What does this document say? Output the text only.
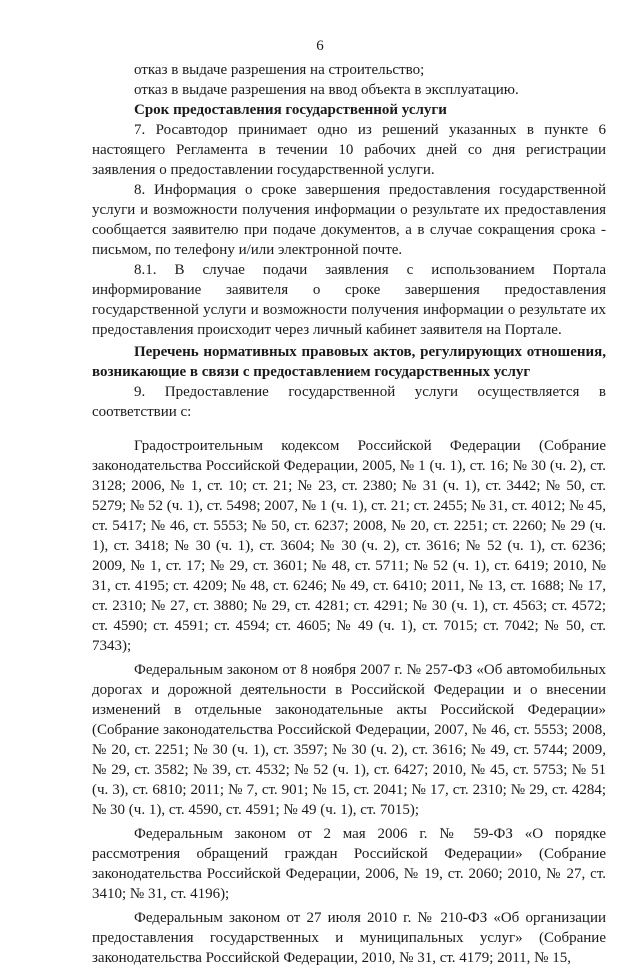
6

отказ в выдаче разрешения на строительство;

отказ в выдаче разрешения на ввод объекта в эксплуатацию.

Срок предоставления государственной услуги

7. Росавтодор принимает одно из решений указанных в пункте 6 настоящего Регламента в течении 10 рабочих дней со дня регистрации заявления о предоставлении государственной услуги.

8. Информация о сроке завершения предоставления государственной услуги и возможности получения информации о результате их предоставления сообщается заявителю при подаче документов, а в случае сокращения срока - письмом, по телефону и/или электронной почте.

8.1. В случае подачи заявления с использованием Портала информирование заявителя о сроке завершения предоставления государственной услуги и возможности получения информации о результате их предоставления происходит через личный кабинет заявителя на Портале.

Перечень нормативных правовых актов, регулирующих отношения, возникающие в связи с предоставлением государственных услуг

9. Предоставление государственной услуги осуществляется в соответствии с:

Градостроительным кодексом Российской Федерации (Собрание законодательства Российской Федерации, 2005, № 1 (ч. 1), ст. 16; № 30 (ч. 2), ст. 3128; 2006, № 1, ст. 10; ст. 21; № 23, ст. 2380; № 31 (ч. 1), ст. 3442; № 50, ст. 5279; № 52 (ч. 1), ст. 5498; 2007, № 1 (ч. 1), ст. 21; ст. 2455; № 31, ст. 4012; № 45, ст. 5417; № 46, ст. 5553; № 50, ст. 6237; 2008, № 20, ст. 2251; ст. 2260; № 29 (ч. 1), ст. 3418; № 30 (ч. 1), ст. 3604; № 30 (ч. 2), ст. 3616; № 52 (ч. 1), ст. 6236; 2009, № 1, ст. 17; № 29, ст. 3601; № 48, ст. 5711; № 52 (ч. 1), ст. 6419; 2010, № 31, ст. 4195; ст. 4209; № 48, ст. 6246; № 49, ст. 6410; 2011, № 13, ст. 1688; № 17, ст. 2310; № 27, ст. 3880; № 29, ст. 4281; ст. 4291; № 30 (ч. 1), ст. 4563; ст. 4572; ст. 4590; ст. 4591; ст. 4594; ст. 4605; № 49 (ч. 1), ст. 7015; ст. 7042; № 50, ст. 7343);

Федеральным законом от 8 ноября 2007 г. № 257-ФЗ «Об автомобильных дорогах и дорожной деятельности в Российской Федерации и о внесении изменений в отдельные законодательные акты Российской Федерации» (Собрание законодательства Российской Федерации, 2007, № 46, ст. 5553; 2008, № 20, ст. 2251; № 30 (ч. 1), ст. 3597; № 30 (ч. 2), ст. 3616; № 49, ст. 5744; 2009, № 29, ст. 3582; № 39, ст. 4532; № 52 (ч. 1), ст. 6427; 2010, № 45, ст. 5753; № 51 (ч. 3), ст. 6810; 2011; № 7, ст. 901; № 15, ст. 2041; № 17, ст. 2310; № 29, ст. 4284; № 30 (ч. 1), ст. 4590, ст. 4591; № 49 (ч. 1), ст. 7015);

Федеральным законом от 2 мая 2006 г. № 59-ФЗ «О порядке рассмотрения обращений граждан Российской Федерации» (Собрание законодательства Российской Федерации, 2006, № 19, ст. 2060; 2010, № 27, ст. 3410; № 31, ст. 4196);

Федеральным законом от 27 июля 2010 г. № 210-ФЗ «Об организации предоставления государственных и муниципальных услуг» (Собрание законодательства Российской Федерации, 2010, № 31, ст. 4179; 2011, № 15,
